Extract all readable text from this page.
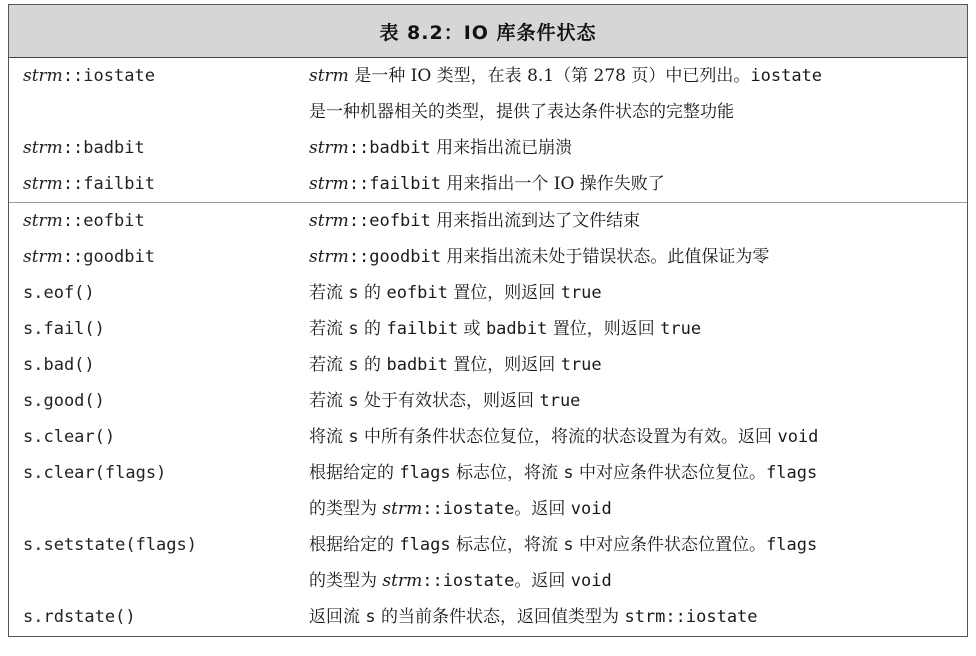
表 8.2：IO 库条件状态
strm::iostate	strm 是一种 IO 类型，在表 8.1（第 278 页）中已列出。iostate
是一种机器相关的类型，提供了表达条件状态的完整功能
strm::badbit	strm::badbit 用来指出流已崩溃
strm::failbit	strm::failbit 用来指出一个 IO 操作失败了
strm::eofbit	strm::eofbit 用来指出流到达了文件结束
strm::goodbit	strm::goodbit 用来指出流未处于错误状态。此值保证为零
s.eof()	若流 s 的 eofbit 置位，则返回 true
s.fail()	若流 s 的 failbit 或 badbit 置位，则返回 true
s.bad()	若流 s 的 badbit 置位，则返回 true
s.good()	若流 s 处于有效状态，则返回 true
s.clear()	将流 s 中所有条件状态位复位，将流的状态设置为有效。返回 void
s.clear(flags)	根据给定的 flags 标志位，将流 s 中对应条件状态位复位。flags
的类型为 strm::iostate。返回 void
s.setstate(flags)	根据给定的 flags 标志位，将流 s 中对应条件状态位置位。flags
的类型为 strm::iostate。返回 void
s.rdstate()	返回流 s 的当前条件状态，返回值类型为 strm::iostate
